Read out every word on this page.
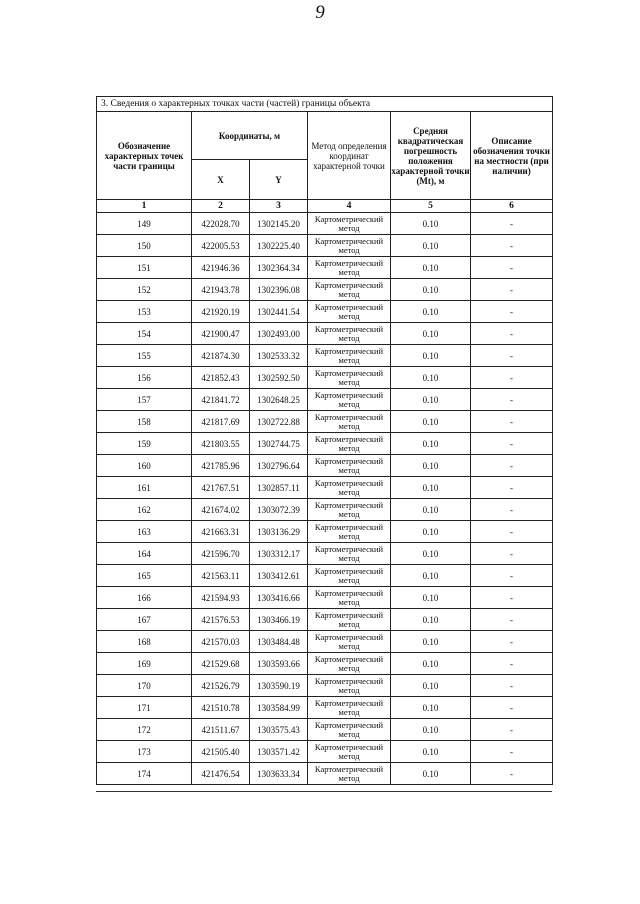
9
3. Сведения о характерных точках части (частей) границы объекта					
Обозначение характерных точек части границы	Координаты, м		Метод определения координат характерной точки	Средняя квадратическая погрешность положения характерной точки (Mt), м	Описание обозначения точки на местности (при наличии)
	X	Y			
1	2	3	4	5	6
149	422028.70	1302145.20	Картометрический метод	0.10	-
150	422005.53	1302225.40	Картометрический метод	0.10	-
151	421946.36	1302364.34	Картометрический метод	0.10	-
152	421943.78	1302396.08	Картометрический метод	0.10	-
153	421920.19	1302441.54	Картометрический метод	0.10	-
154	421900.47	1302493.00	Картометрический метод	0.10	-
155	421874.30	1302533.32	Картометрический метод	0.10	-
156	421852.43	1302592.50	Картометрический метод	0.10	-
157	421841.72	1302648.25	Картометрический метод	0.10	-
158	421817.69	1302722.88	Картометрический метод	0.10	-
159	421803.55	1302744.75	Картометрический метод	0.10	-
160	421785.96	1302796.64	Картометрический метод	0.10	-
161	421767.51	1302857.11	Картометрический метод	0.10	-
162	421674.02	1303072.39	Картометрический метод	0.10	-
163	421663.31	1303136.29	Картометрический метод	0.10	-
164	421596.70	1303312.17	Картометрический метод	0.10	-
165	421563.11	1303412.61	Картометрический метод	0.10	-
166	421594.93	1303416.66	Картометрический метод	0.10	-
167	421576.53	1303466.19	Картометрический метод	0.10	-
168	421570.03	1303484.48	Картометрический метод	0.10	-
169	421529.68	1303593.66	Картометрический метод	0.10	-
170	421526.79	1303590.19	Картометрический метод	0.10	-
171	421510.78	1303584.99	Картометрический метод	0.10	-
172	421511.67	1303575.43	Картометрический метод	0.10	-
173	421505.40	1303571.42	Картометрический метод	0.10	-
174	421476.54	1303633.34	Картометрический метод	0.10	-
